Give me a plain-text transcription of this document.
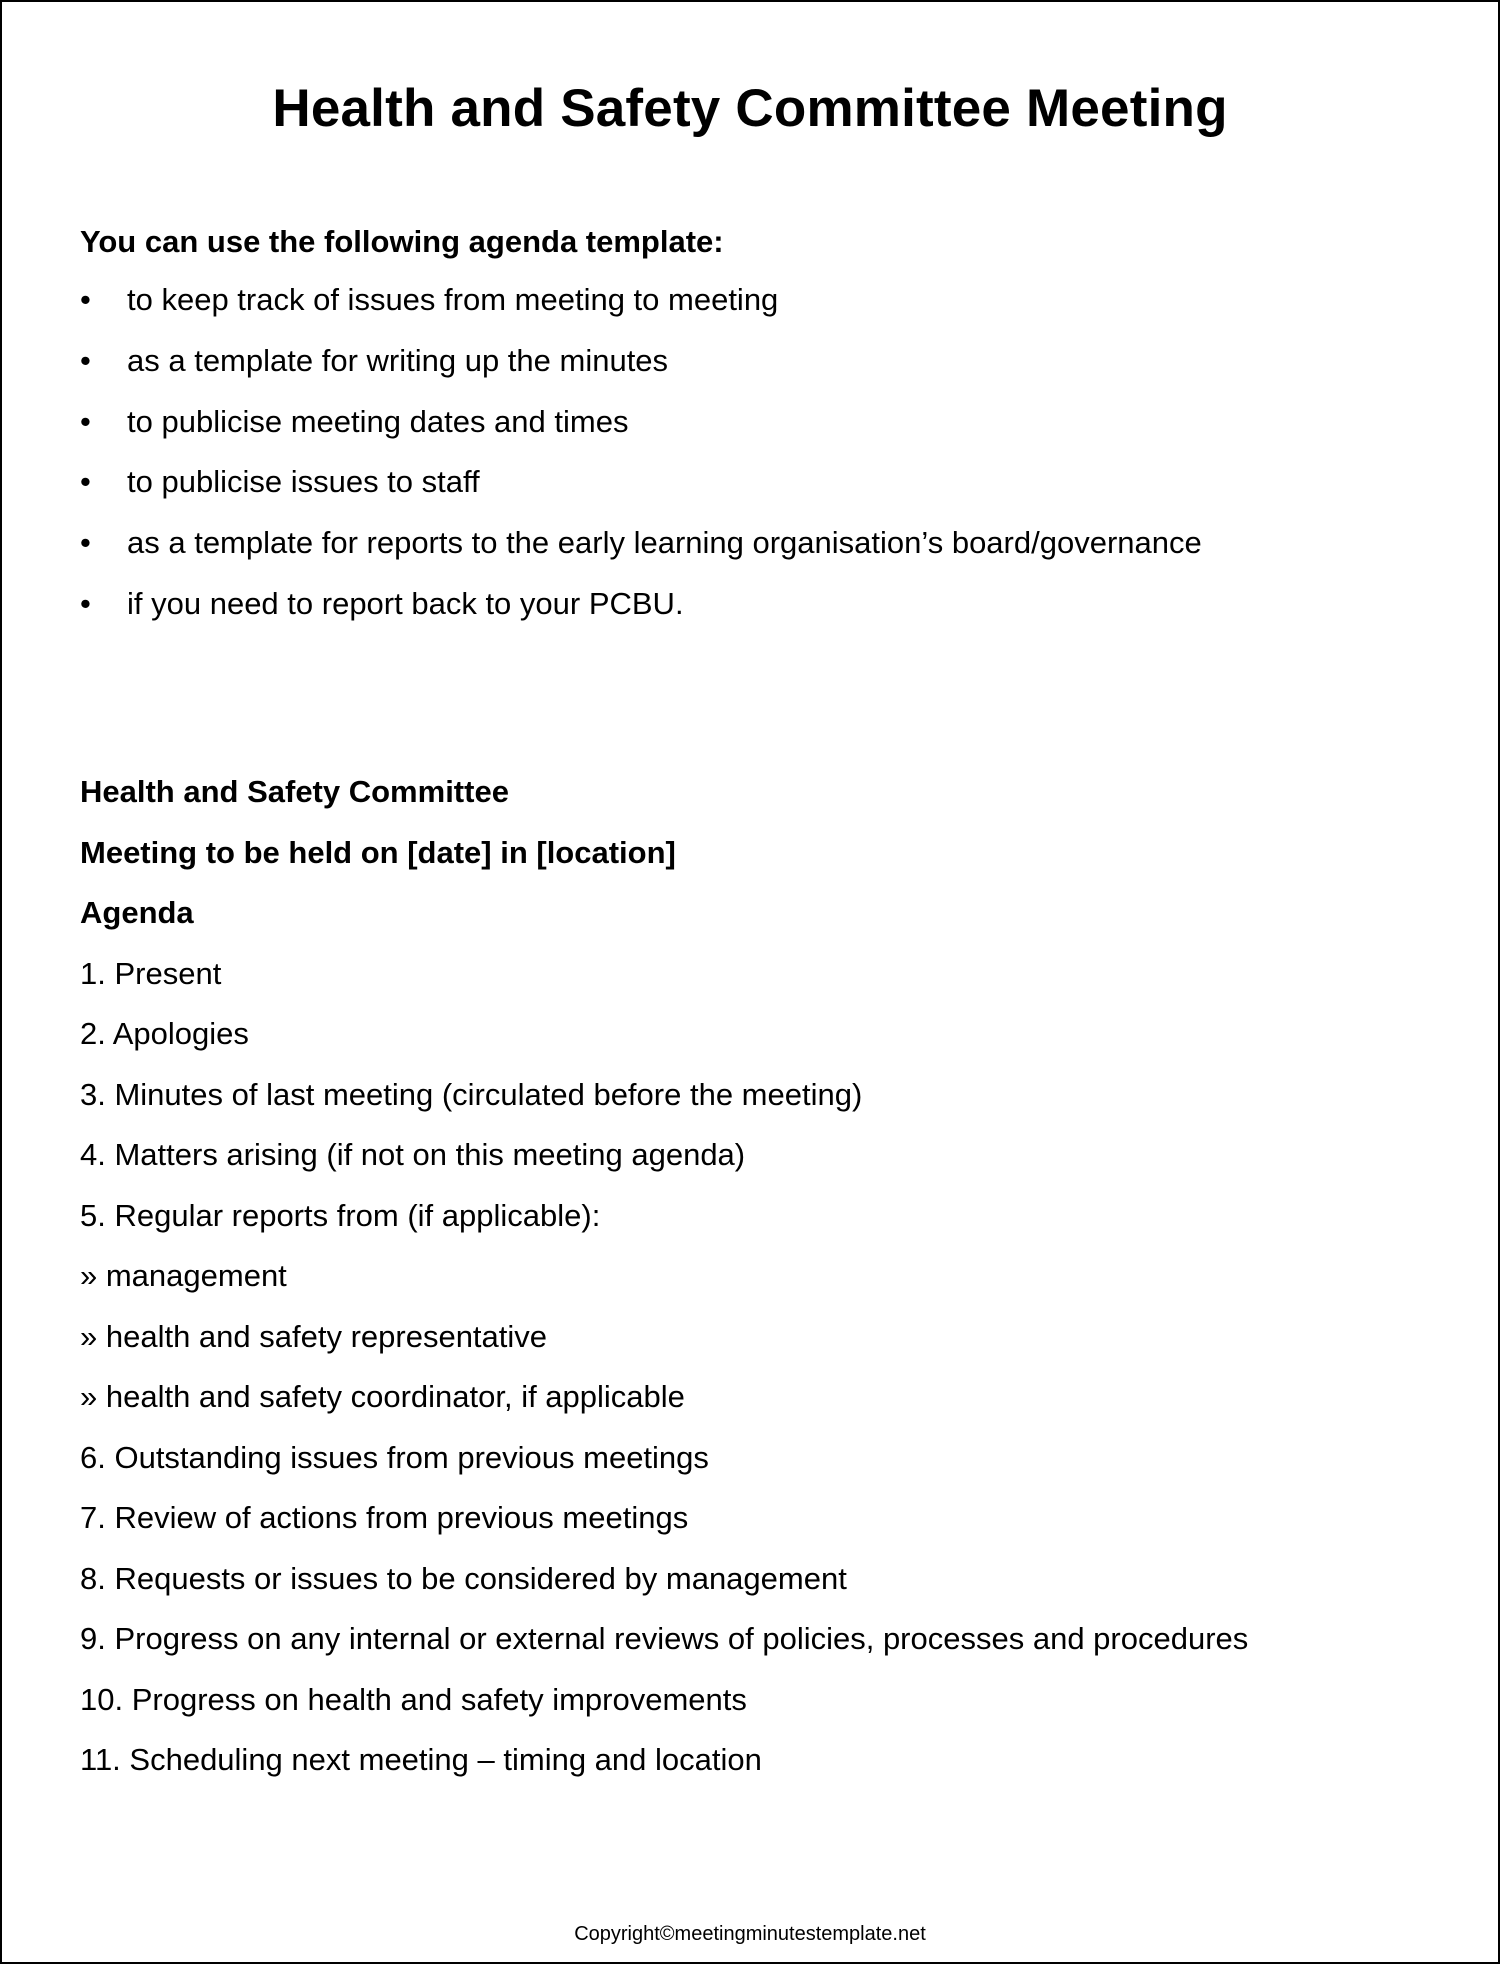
Health and Safety Committee Meeting
You can use the following agenda template:
• to keep track of issues from meeting to meeting
• as a template for writing up the minutes
• to publicise meeting dates and times
• to publicise issues to staff
• as a template for reports to the early learning organisation’s board/governance
• if you need to report back to your PCBU.
Health and Safety Committee
Meeting to be held on [date] in [location]
Agenda
1. Present
2. Apologies
3. Minutes of last meeting (circulated before the meeting)
4. Matters arising (if not on this meeting agenda)
5. Regular reports from (if applicable):
» management
» health and safety representative
» health and safety coordinator, if applicable
6. Outstanding issues from previous meetings
7. Review of actions from previous meetings
8. Requests or issues to be considered by management
9. Progress on any internal or external reviews of policies, processes and procedures
10. Progress on health and safety improvements
11. Scheduling next meeting – timing and location
Copyright©meetingminutestemplate.net
